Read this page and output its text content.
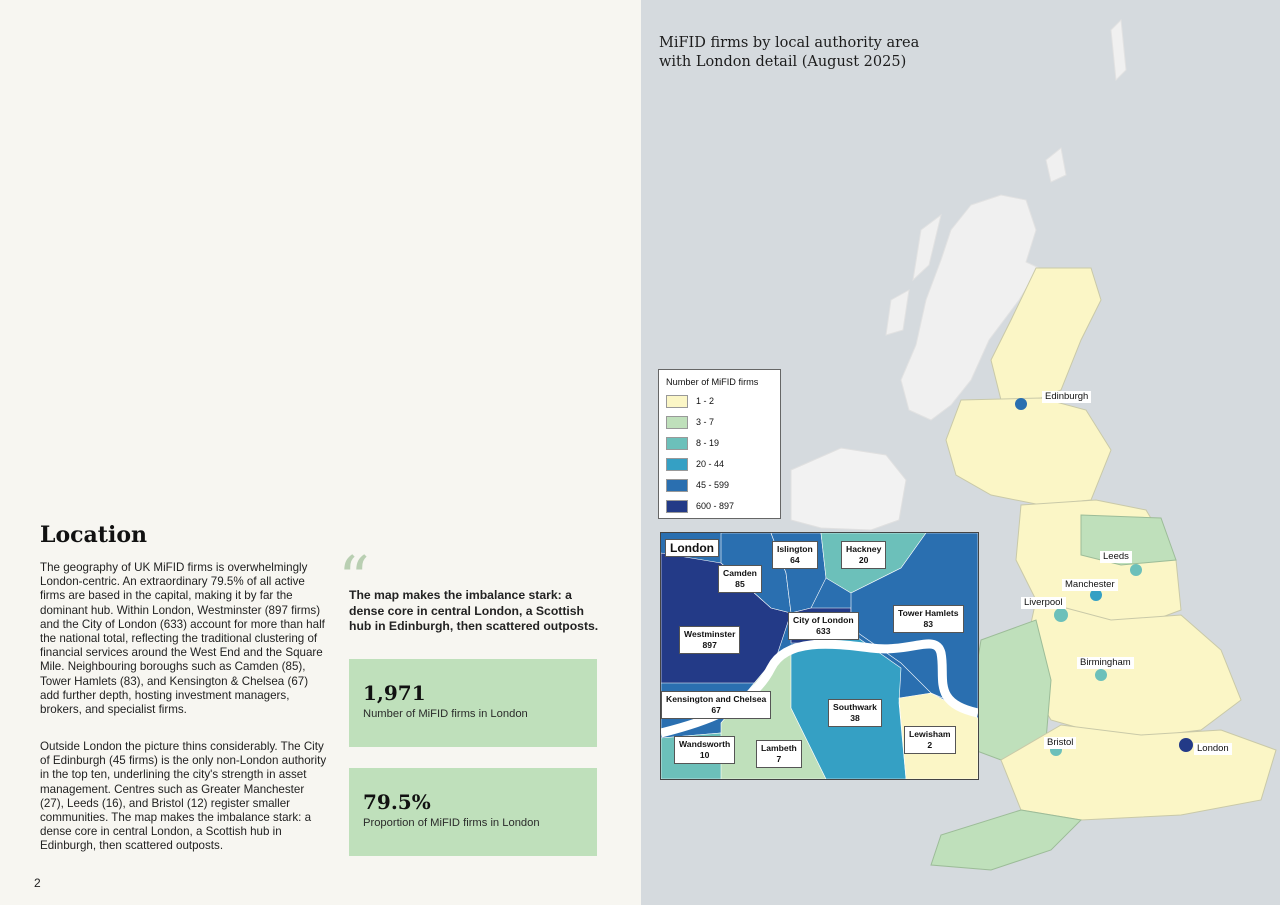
Location
The geography of UK MiFID firms is overwhelmingly London-centric. An extraordinary 79.5% of all active firms are based in the capital, making it by far the dominant hub. Within London, Westminster (897 firms) and the City of London (633) account for more than half the national total, reflecting the traditional clustering of financial services around the West End and the Square Mile. Neighbouring boroughs such as Camden (85), Tower Hamlets (83), and Kensington & Chelsea (67) add further depth, hosting investment managers, brokers, and specialist firms.
Outside London the picture thins considerably. The City of Edinburgh (45 firms) is the only non-London authority in the top ten, underlining the city's strength in asset management. Centres such as Greater Manchester (27), Leeds (16), and Bristol (12) register smaller communities. The map makes the imbalance stark: a dense core in central London, a Scottish hub in Edinburgh, then scattered outposts.
“
The map makes the imbalance stark: a dense core in central London, a Scottish hub in Edinburgh, then scattered outposts.
1,971
Number of MiFID firms in London
79.5%
Proportion of MiFID firms in London
2
MiFID firms by local authority area
with London detail (August 2025)
Edinburgh
Leeds
Manchester
Liverpool
Birmingham
Bristol
London
Number of MiFID firms
1 - 2
3 - 7
8 - 19
20 - 44
45 - 599
600 - 897
London	Islington
64
Hackney
20
Camden
85
Tower Hamlets
83
City of London
633
Westminster
897
Kensington and Chelsea
67	Southwark
38
Lewisham
2
Wandsworth
10
Lambeth
7
